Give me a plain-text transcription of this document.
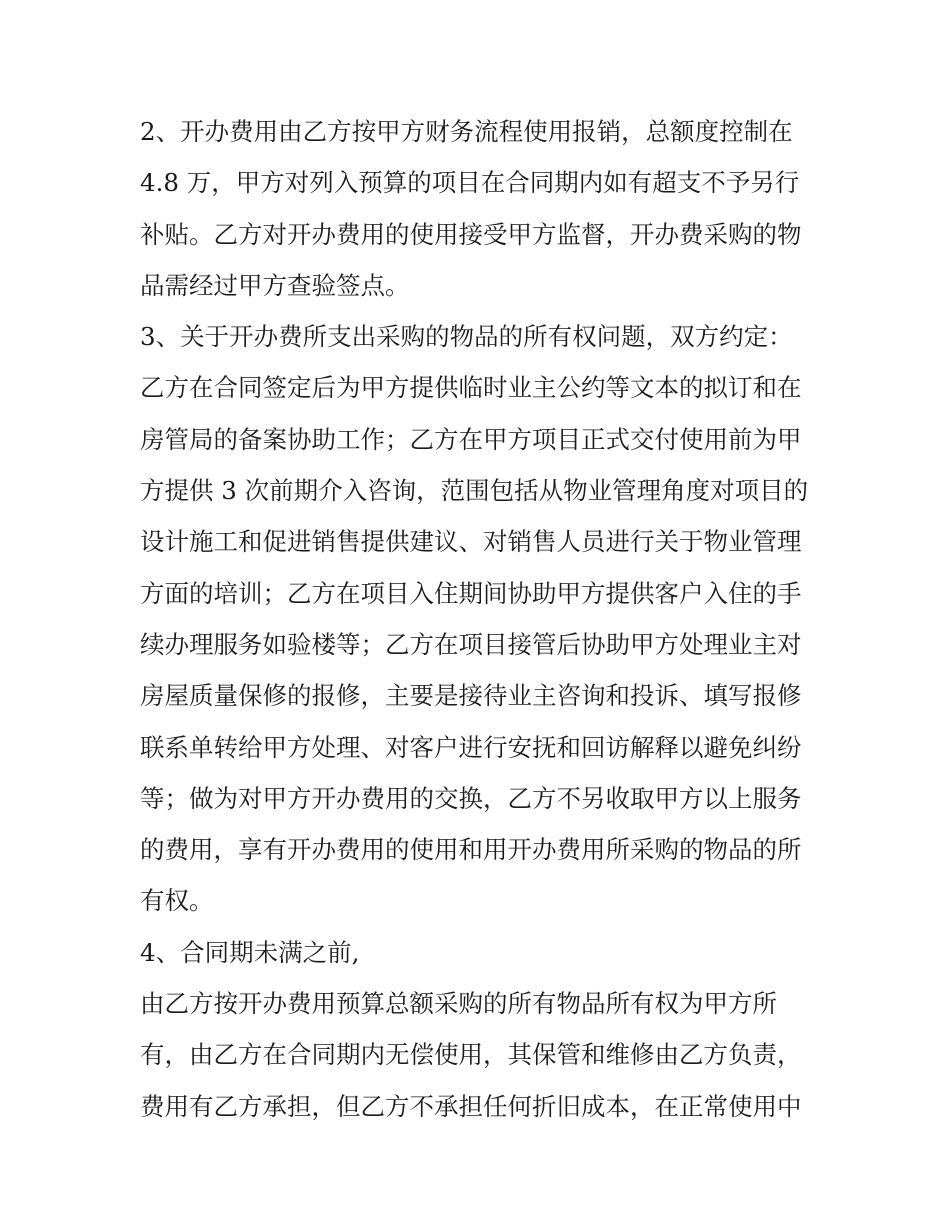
2、开办费用由乙方按甲方财务流程使用报销，总额度控制在
4.8 万，甲方对列入预算的项目在合同期内如有超支不予另行
补贴。乙方对开办费用的使用接受甲方监督，开办费采购的物
品需经过甲方查验签点。
3、关于开办费所支出采购的物品的所有权问题，双方约定：
乙方在合同签定后为甲方提供临时业主公约等文本的拟订和在
房管局的备案协助工作；乙方在甲方项目正式交付使用前为甲
方提供 3 次前期介入咨询，范围包括从物业管理角度对项目的
设计施工和促进销售提供建议、对销售人员进行关于物业管理
方面的培训；乙方在项目入住期间协助甲方提供客户入住的手
续办理服务如验楼等；乙方在项目接管后协助甲方处理业主对
房屋质量保修的报修，主要是接待业主咨询和投诉、填写报修
联系单转给甲方处理、对客户进行安抚和回访解释以避免纠纷
等；做为对甲方开办费用的交换，乙方不另收取甲方以上服务
的费用，享有开办费用的使用和用开办费用所采购的物品的所
有权。
4、合同期未满之前,
由乙方按开办费用预算总额采购的所有物品所有权为甲方所
有，由乙方在合同期内无偿使用，其保管和维修由乙方负责，
费用有乙方承担，但乙方不承担任何折旧成本，在正常使用中
